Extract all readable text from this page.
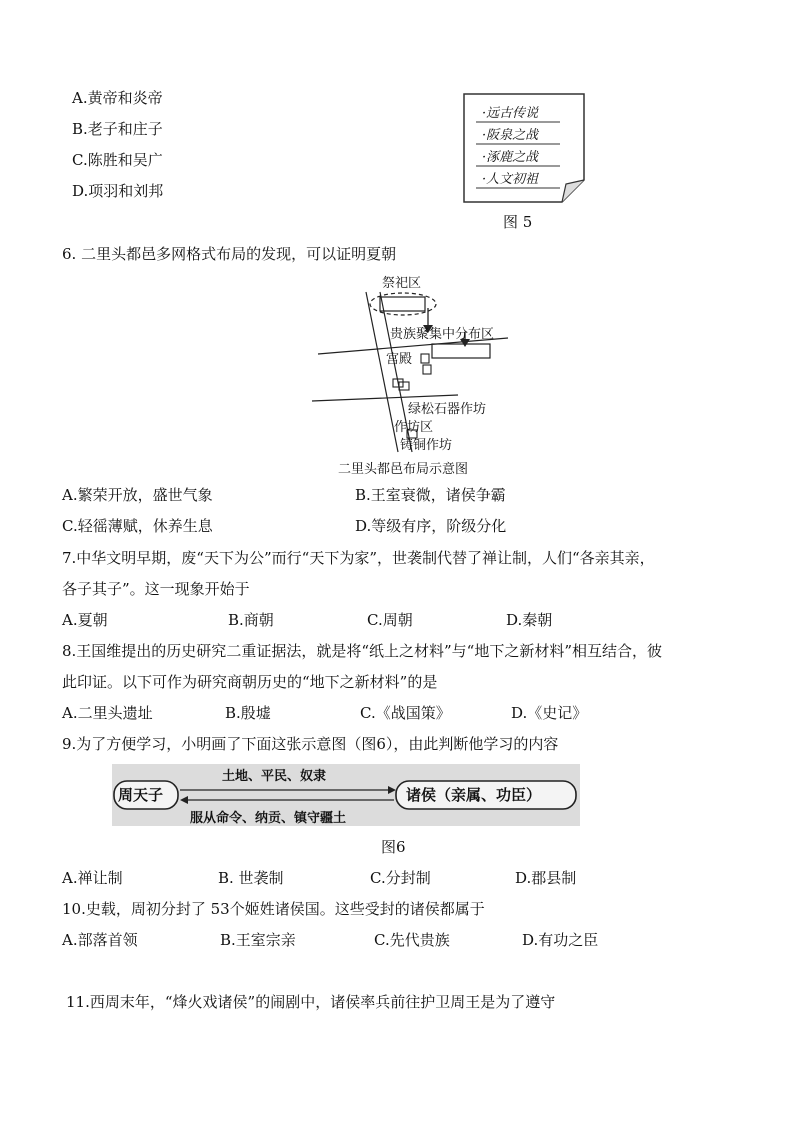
A.黄帝和炎帝
B.老子和庄子
C.陈胜和吴广
D.项羽和刘邦
·远古传说
·阪泉之战
·涿鹿之战
·人文初祖
图 5
6. 二里头都邑多网格式布局的发现，可以证明夏朝
祭祀区
贵族聚集中分布区
宫殿
绿松石器作坊
作坊区
铸铜作坊
二里头都邑布局示意图
A.繁荣开放，盛世气象	B.王室衰微，诸侯争霸
C.轻徭薄赋，休养生息	D.等级有序，阶级分化
7.中华文明早期，废“天下为公”而行“天下为家”，世袭制代替了禅让制，人们“各亲其亲，
各子其子”。这一现象开始于
A.夏朝	B.商朝	C.周朝	D.秦朝
8.王国维提出的历史研究二重证据法，就是将“纸上之材料”与“地下之新材料”相互结合，彼
此印证。以下可作为研究商朝历史的“地下之新材料”的是
A.二里头遗址	B.殷墟	C.《战国策》	D.《史记》
9.为了方便学习，小明画了下面这张示意图（图6），由此判断他学习的内容
周天子	诸侯（亲属、功臣）
土地、平民、奴隶
服从命令、纳贡、镇守疆土
图6
A.禅让制	B. 世袭制	C.分封制	D.郡县制
10.史载，周初分封了 53个姬姓诸侯国。这些受封的诸侯都属于
A.部落首领	B.王室宗亲	C.先代贵族	D.有功之臣
11.西周末年，“烽火戏诸侯”的闹剧中，诸侯率兵前往护卫周王是为了遵守
